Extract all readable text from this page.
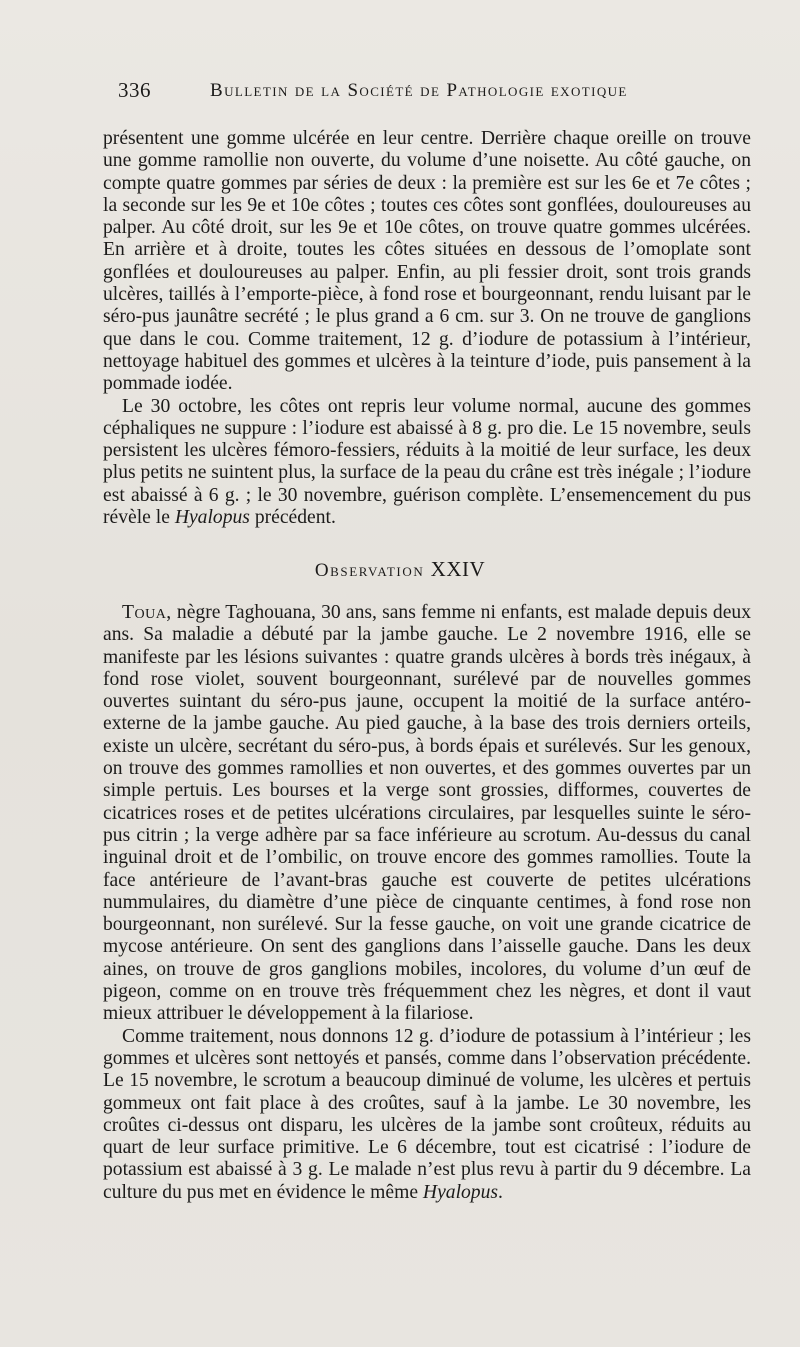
336	Bulletin de la Société de Pathologie exotique

présentent une gomme ulcérée en leur centre. Derrière chaque oreille on trouve une gomme ramollie non ouverte, du volume d’une noisette. Au côté gauche, on compte quatre gommes par séries de deux : la première est sur les 6e et 7e côtes ; la seconde sur les 9e et 10e côtes ; toutes ces côtes sont gonflées, douloureuses au palper. Au côté droit, sur les 9e et 10e côtes, on trouve quatre gommes ulcérées. En arrière et à droite, toutes les côtes situées en dessous de l’omoplate sont gonflées et douloureuses au palper. Enfin, au pli fessier droit, sont trois grands ulcères, taillés à l’emporte-pièce, à fond rose et bourgeonnant, rendu luisant par le séro-pus jaunâtre secrété ; le plus grand a 6 cm. sur 3. On ne trouve de ganglions que dans le cou. Comme traitement, 12 g. d’iodure de potassium à l’intérieur, nettoyage habituel des gommes et ulcères à la teinture d’iode, puis pansement à la pommade iodée.

Le 30 octobre, les côtes ont repris leur volume normal, aucune des gommes céphaliques ne suppure : l’iodure est abaissé à 8 g. pro die. Le 15 novembre, seuls persistent les ulcères fémoro-fessiers, réduits à la moitié de leur surface, les deux plus petits ne suintent plus, la surface de la peau du crâne est très inégale ; l’iodure est abaissé à 6 g. ; le 30 novembre, guérison complète. L’ensemencement du pus révèle le Hyalopus précédent.

Observation XXIV

Toua, nègre Taghouana, 30 ans, sans femme ni enfants, est malade depuis deux ans. Sa maladie a débuté par la jambe gauche. Le 2 novembre 1916, elle se manifeste par les lésions suivantes : quatre grands ulcères à bords très inégaux, à fond rose violet, souvent bourgeonnant, surélevé par de nouvelles gommes ouvertes suintant du séro-pus jaune, occupent la moitié de la surface antéro-externe de la jambe gauche. Au pied gauche, à la base des trois derniers orteils, existe un ulcère, secrétant du séro-pus, à bords épais et surélevés. Sur les genoux, on trouve des gommes ramollies et non ouvertes, et des gommes ouvertes par un simple pertuis. Les bourses et la verge sont grossies, difformes, couvertes de cicatrices roses et de petites ulcérations circulaires, par lesquelles suinte le séro-pus citrin ; la verge adhère par sa face inférieure au scrotum. Au-dessus du canal inguinal droit et de l’ombilic, on trouve encore des gommes ramollies. Toute la face antérieure de l’avant-bras gauche est couverte de petites ulcérations nummulaires, du diamètre d’une pièce de cinquante centimes, à fond rose non bourgeonnant, non surélevé. Sur la fesse gauche, on voit une grande cicatrice de mycose antérieure. On sent des ganglions dans l’aisselle gauche. Dans les deux aines, on trouve de gros ganglions mobiles, incolores, du volume d’un œuf de pigeon, comme on en trouve très fréquemment chez les nègres, et dont il vaut mieux attribuer le développement à la filariose.

Comme traitement, nous donnons 12 g. d’iodure de potassium à l’intérieur ; les gommes et ulcères sont nettoyés et pansés, comme dans l’observation précédente. Le 15 novembre, le scrotum a beaucoup diminué de volume, les ulcères et pertuis gommeux ont fait place à des croûtes, sauf à la jambe. Le 30 novembre, les croûtes ci-dessus ont disparu, les ulcères de la jambe sont croûteux, réduits au quart de leur surface primitive. Le 6 décembre, tout est cicatrisé : l’iodure de potassium est abaissé à 3 g. Le malade n’est plus revu à partir du 9 décembre. La culture du pus met en évidence le même Hyalopus.
